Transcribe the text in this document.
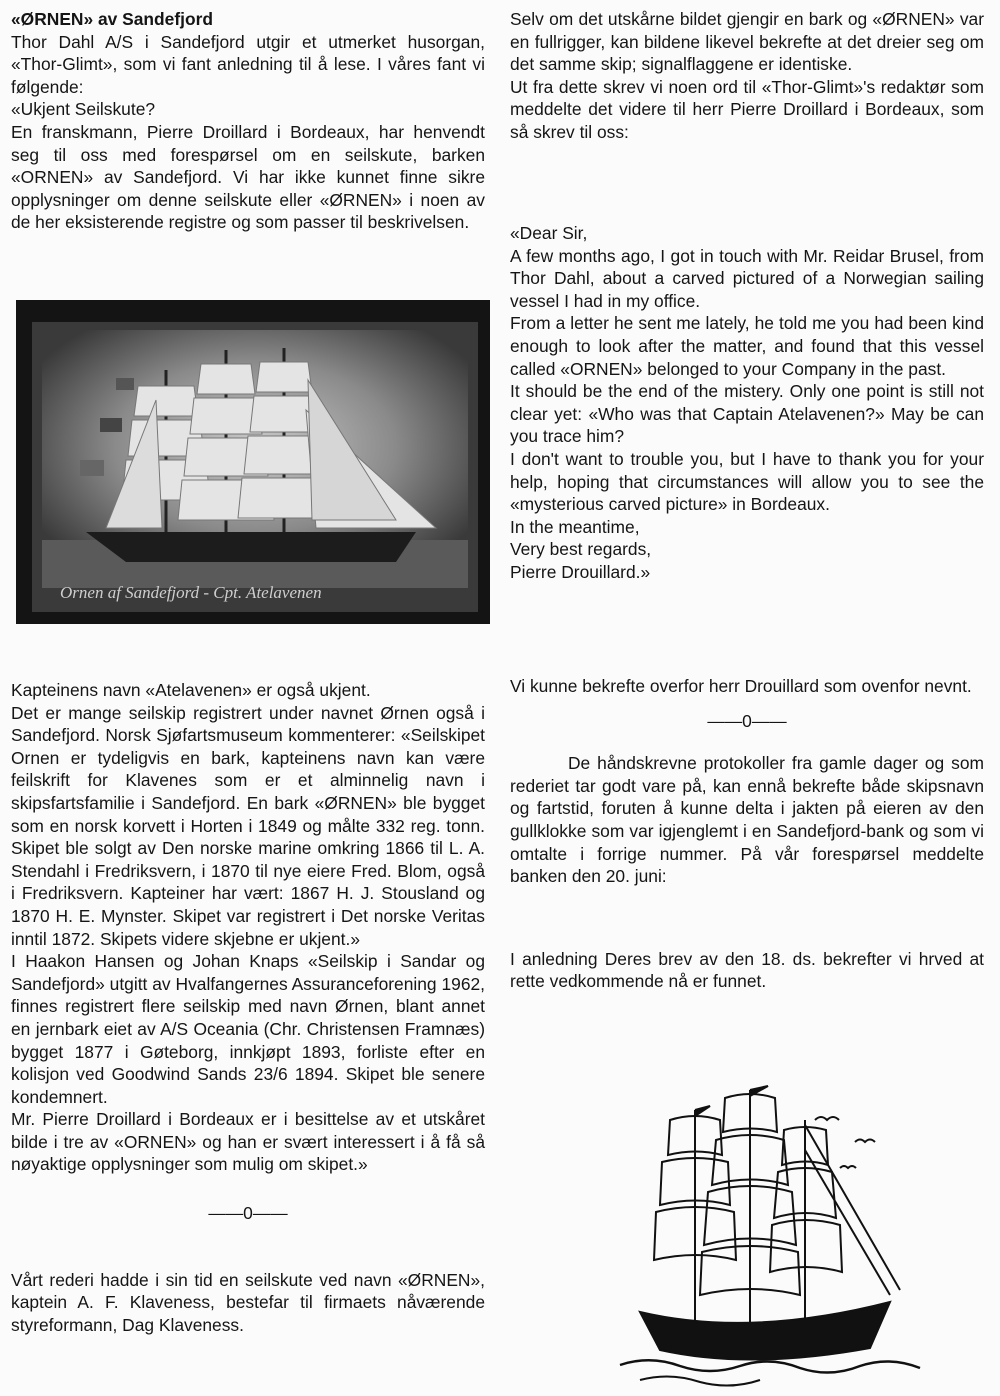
«ØRNEN» av Sandefjord

Thor Dahl A/S i Sandefjord utgir et utmerket husorgan, «Thor-Glimt», som vi fant anledning til å lese. I våres fant vi følgende:

«Ukjent Seilskute?

En franskmann, Pierre Droillard i Bordeaux, har henvendt seg til oss med forespørsel om en seilskute, barken «ORNEN» av Sandefjord. Vi har ikke kunnet finne sikre opplysninger om denne seilskute eller «ØRNEN» i noen av de her eksisterende registre og som passer til beskrivelsen.

Ornen af Sandefjord - Cpt. Atelavenen

Kapteinens navn «Atelavenen» er også ukjent.

Det er mange seilskip registrert under navnet Ørnen også i Sandefjord. Norsk Sjøfartsmuseum kommenterer: «Seilskipet Ornen er tydeligvis en bark, kapteinens navn kan være feilskrift for Klavenes som er et alminnelig navn i skipsfartsfamilie i Sandefjord. En bark «ØRNEN» ble bygget som en norsk korvett i Horten i 1849 og målte 332 reg. tonn. Skipet ble solgt av Den norske marine omkring 1866 til L. A. Stendahl i Fredriksvern, i 1870 til nye eiere Fred. Blom, også i Fredriksvern. Kapteiner har vært: 1867 H. J. Stousland og 1870 H. E. Mynster. Skipet var registrert i Det norske Veritas inntil 1872. Skipets videre skjebne er ukjent.»

I Haakon Hansen og Johan Knaps «Seilskip i Sandar og Sandefjord» utgitt av Hvalfangernes Assuranceforening 1962, finnes registrert flere seilskip med navn Ørnen, blant annet en jernbark eiet av A/S Oceania (Chr. Christensen Framnæs) bygget 1877 i Gøteborg, innkjøpt 1893, forliste efter en kolisjon ved Goodwind Sands 23/6 1894. Skipet ble senere kondemnert.

Mr. Pierre Droillard i Bordeaux er i besittelse av et utskåret bilde i tre av «ORNEN» og han er svært interessert i å få så nøyaktige opplysninger som mulig om skipet.»

——0——

Vårt rederi hadde i sin tid en seilskute ved navn «ØRNEN», kaptein A. F. Klaveness, bestefar til firmaets nåværende styreformann, Dag Klaveness.

Selv om det utskårne bildet gjengir en bark og «ØRNEN» var en fullrigger, kan bildene likevel bekrefte at det dreier seg om det samme skip; signalflaggene er identiske.

Ut fra dette skrev vi noen ord til «Thor-Glimt»'s redaktør som meddelte det videre til herr Pierre Droillard i Bordeaux, som så skrev til oss:

«Dear Sir,

A few months ago, I got in touch with Mr. Reidar Brusel, from Thor Dahl, about a carved pictured of a Norwegian sailing vessel I had in my office.

From a letter he sent me lately, he told me you had been kind enough to look after the matter, and found that this vessel called «ORNEN» belonged to your Company in the past.

It should be the end of the mistery. Only one point is still not clear yet: «Who was that Captain Atelavenen?» May be can you trace him?

I don't want to trouble you, but I have to thank you for your help, hoping that circumstances will allow you to see the «mysterious carved picture» in Bordeaux.

In the meantime,

Very best regards,

Pierre Drouillard.»

Vi kunne bekrefte overfor herr Drouillard som ovenfor nevnt.

——0——

De håndskrevne protokoller fra gamle dager og som rederiet tar godt vare på, kan ennå bekrefte både skipsnavn og fartstid, foruten å kunne delta i jakten på eieren av den gullklokke som var igjenglemt i en Sandefjord-bank og som vi omtalte i forrige nummer. På vår forespørsel meddelte banken den 20. juni:

I anledning Deres brev av den 18. ds. bekrefter vi hrved at rette vedkommende nå er funnet.
